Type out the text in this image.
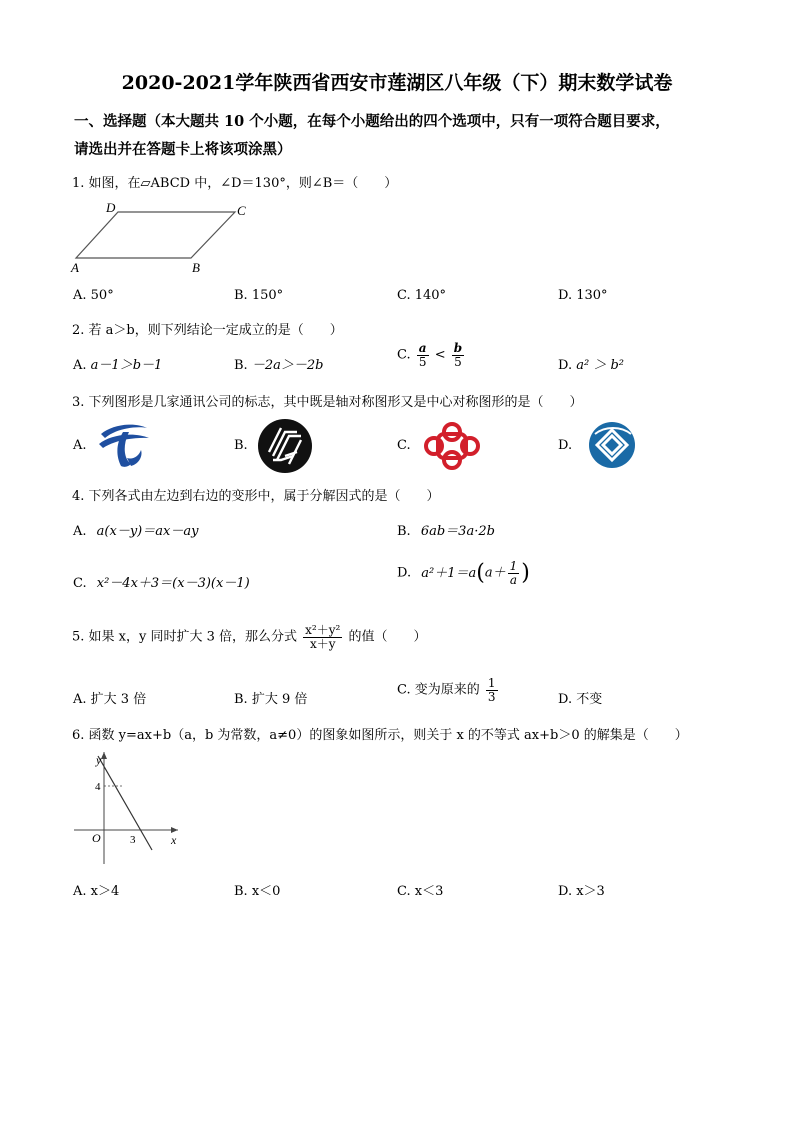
2020-2021学年陕西省西安市莲湖区八年级（下）期末数学试卷
一、选择题（本大题共 10 个小题，在每个小题给出的四个选项中，只有一项符合题目要求，
请选出并在答题卡上将该项涂黑）
1. 如图，在▱ABCD 中，∠D＝130°，则∠B＝（　　）
D	C
A	B
A. 50°	B. 150°	C. 140°	D. 130°
2. 若 a＞b，则下列结论一定成立的是（　　）
A. a－1＞b－1	B. －2a＞－2b
C. $\frac{a}{5} < \frac{b}{5}$	D. a² ＞ b²
3. 下列图形是几家通讯公司的标志，其中既是轴对称图形又是中心对称图形的是（　　）
A.	B.	C.	D.
4. 下列各式由左边到右边的变形中，属于分解因式的是（　　）
A. a(x－y)＝ax－ay	B. 6ab＝3a·2b
C. x²－4x＋3＝(x－3)(x－1)
D. $a^2+1=a(a+ \frac{1}{a}$ )
5. 如果 x，y 同时扩大 3 倍，那么分式 $\frac{\text{x²＋y²}}{x+y}$ 的值（　　）
A. 扩大 3 倍	B. 扩大 9 倍
C. 变为原来的 $\frac{1}{3}$	D. 不变
6. 函数 y=ax+b（a，b 为常数，a≠0）的图象如图所示，则关于 x 的不等式 ax+b＞0 的解集是（　　）
y
x
O
4
3
A. x＞4	B. x＜0	C. x＜3	D. x＞3
